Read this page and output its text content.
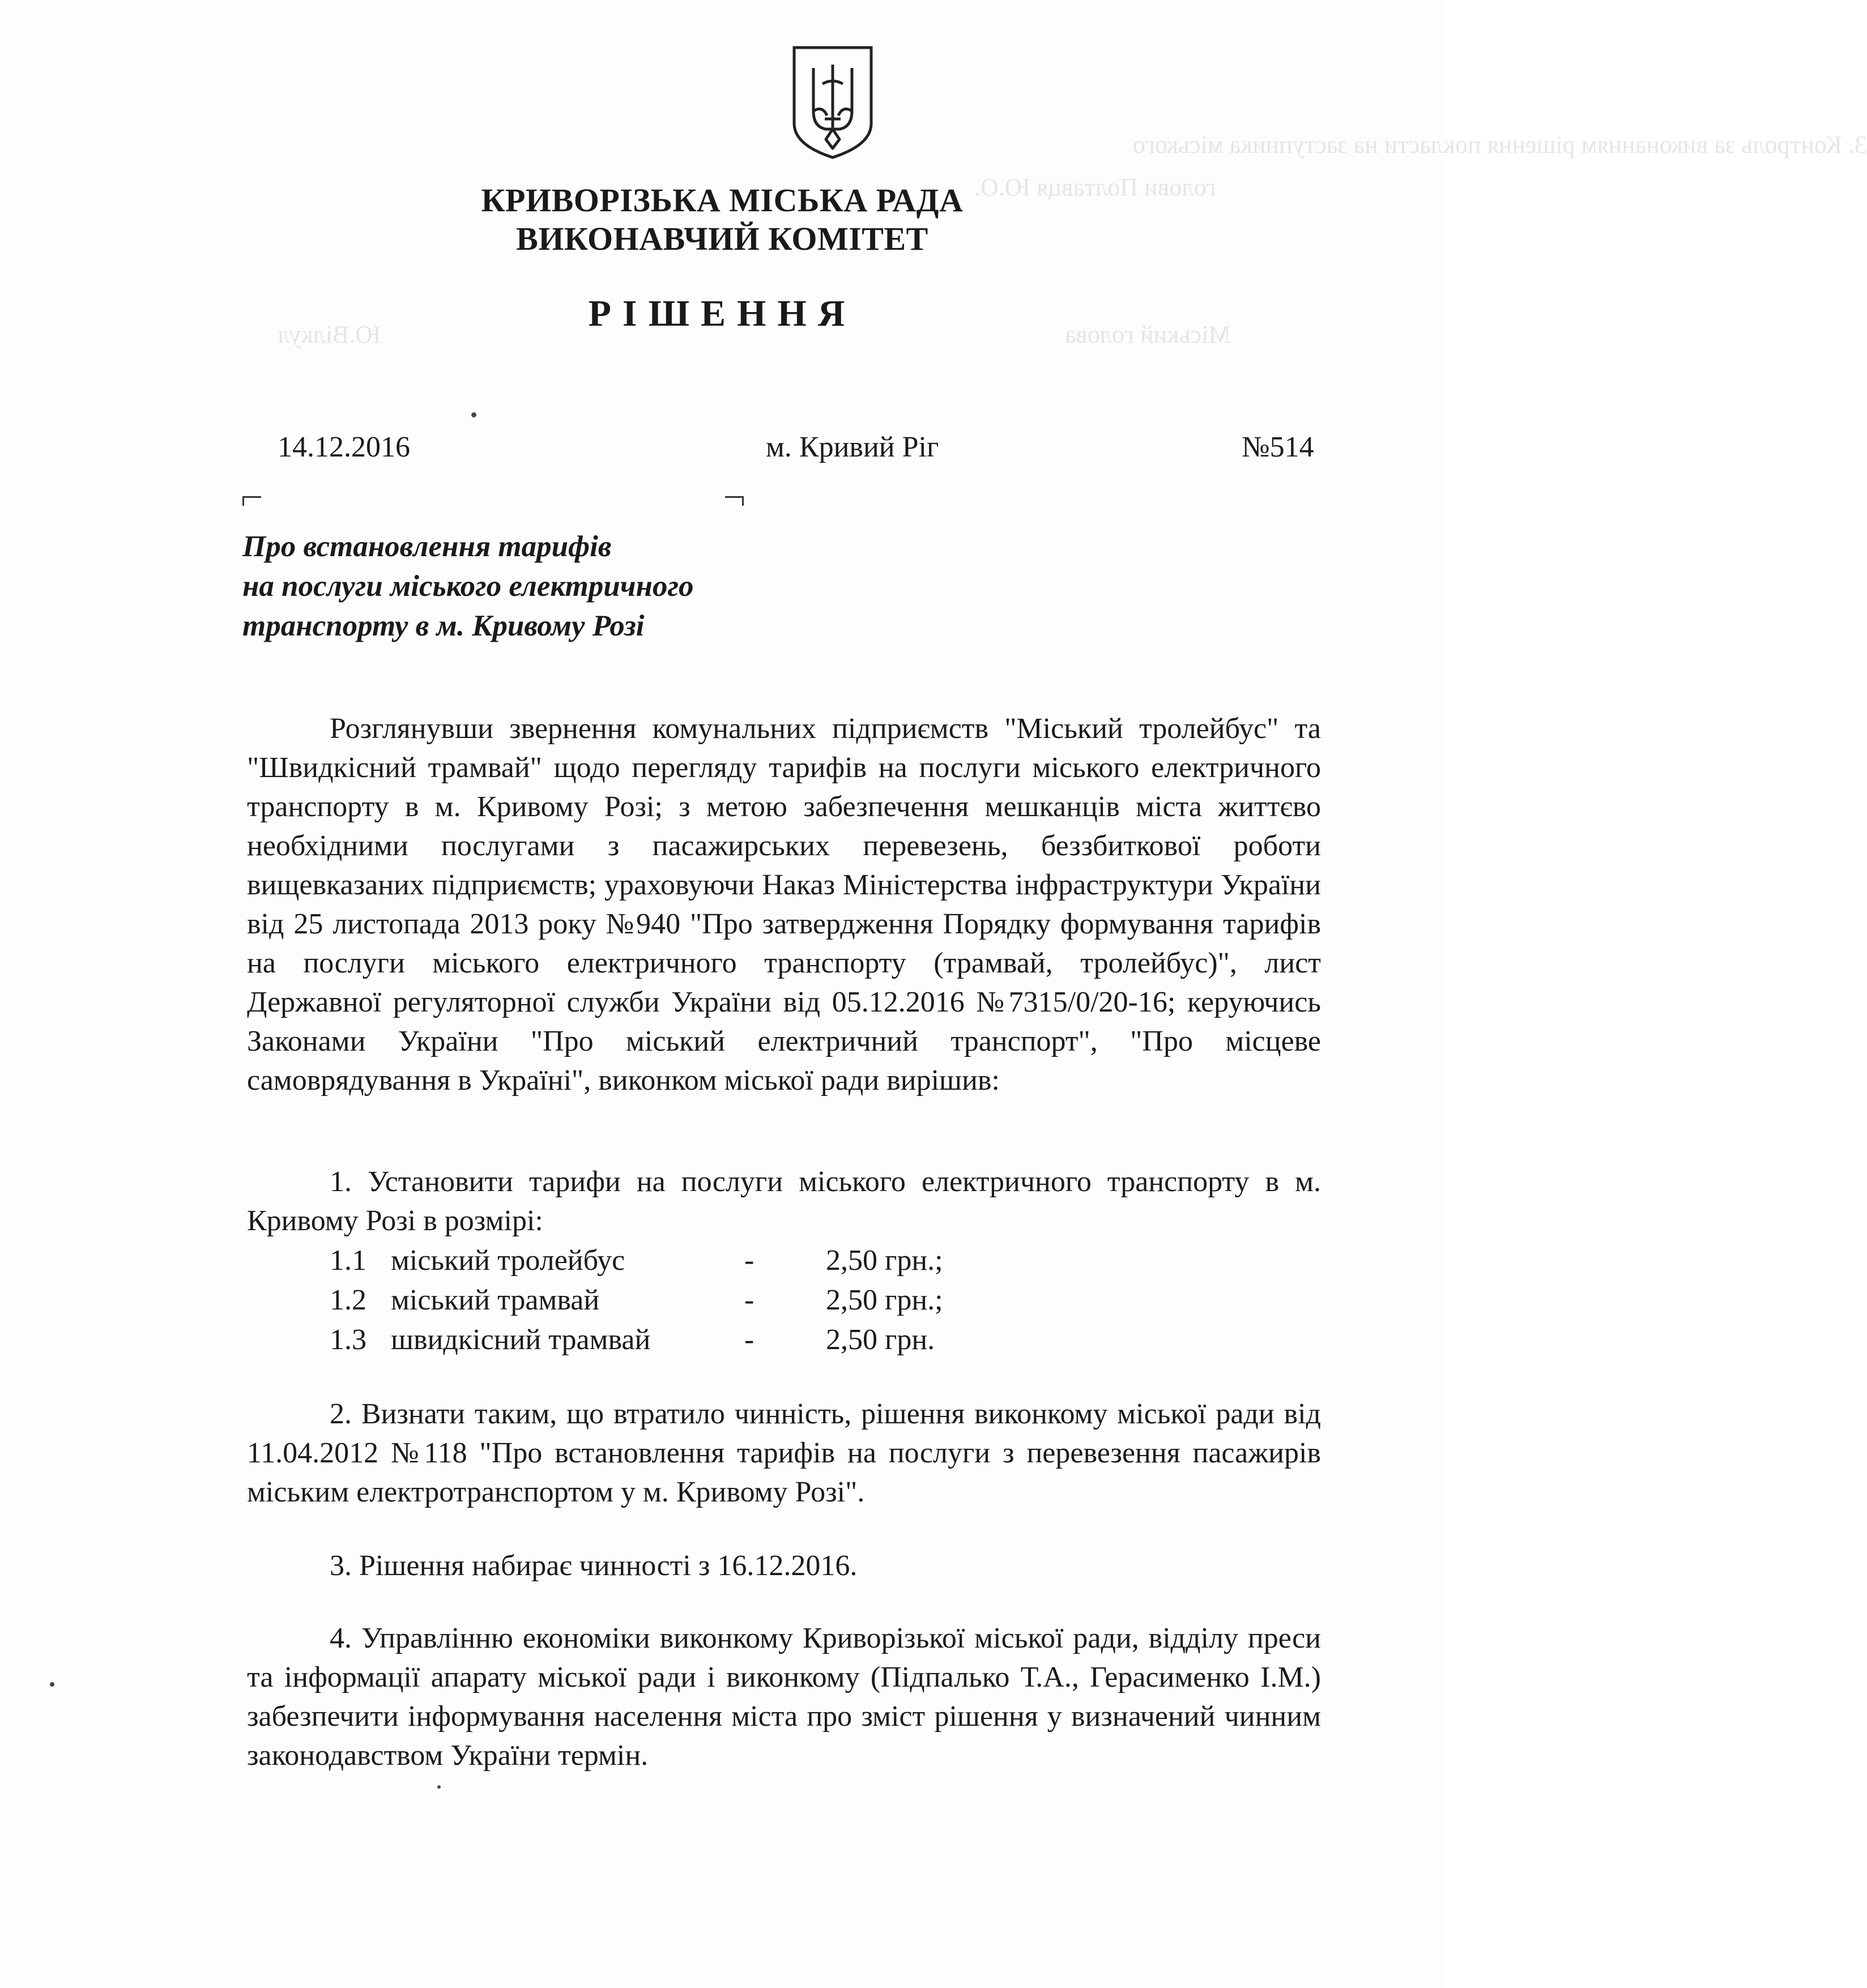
3. Контроль за виконанням рішення покласти на заступника міського
голови Полтавця Ю.О.
Міський голова
Ю.Вілкул
КРИВОРІЗЬКА МІСЬКА РАДА
ВИКОНАВЧИЙ КОМІТЕТ
РІШЕННЯ
14.12.2016	м. Кривий Ріг	№514
Про встановлення тарифів
на послуги міського електричного
транспорту в м. Кривому Розі
Розглянувши звернення комунальних підприємств "Міський тролейбус" та "Швидкісний трамвай" щодо перегляду тарифів на послуги міського електричного транспорту в м. Кривому Розі; з метою забезпечення мешканців міста життєво необхідними послугами з пасажирських перевезень, беззбиткової роботи вищевказаних підприємств; ураховуючи Наказ Міністерства інфраструктури України від 25 листопада 2013 року №940 "Про затвердження Порядку формування тарифів на послуги міського електричного транспорту (трамвай, тролейбус)", лист Державної регуляторної служби України від 05.12.2016 №7315/0/20-16; керуючись Законами України "Про міський електричний транспорт", "Про місцеве самоврядування в Україні", виконком міської ради вирішив:
1. Установити тарифи на послуги міського електричного транспорту в м. Кривому Розі в розмірі:
1.1 міський тролейбус	- 2,50 грн.;
1.2 міський трамвай	- 2,50 грн.;
1.3 швидкісний трамвай	- 2,50 грн.
2. Визнати таким, що втратило чинність, рішення виконкому міської ради від 11.04.2012 №118 "Про встановлення тарифів на послуги з перевезення пасажирів міським електротранспортом у м. Кривому Розі".
3. Рішення набирає чинності з 16.12.2016.
4. Управлінню економіки виконкому Криворізької міської ради, відділу преси та інформації апарату міської ради і виконкому (Підпалько Т.А., Герасименко І.М.) забезпечити інформування населення міста про зміст рішення у визначений чинним законодавством України термін.
